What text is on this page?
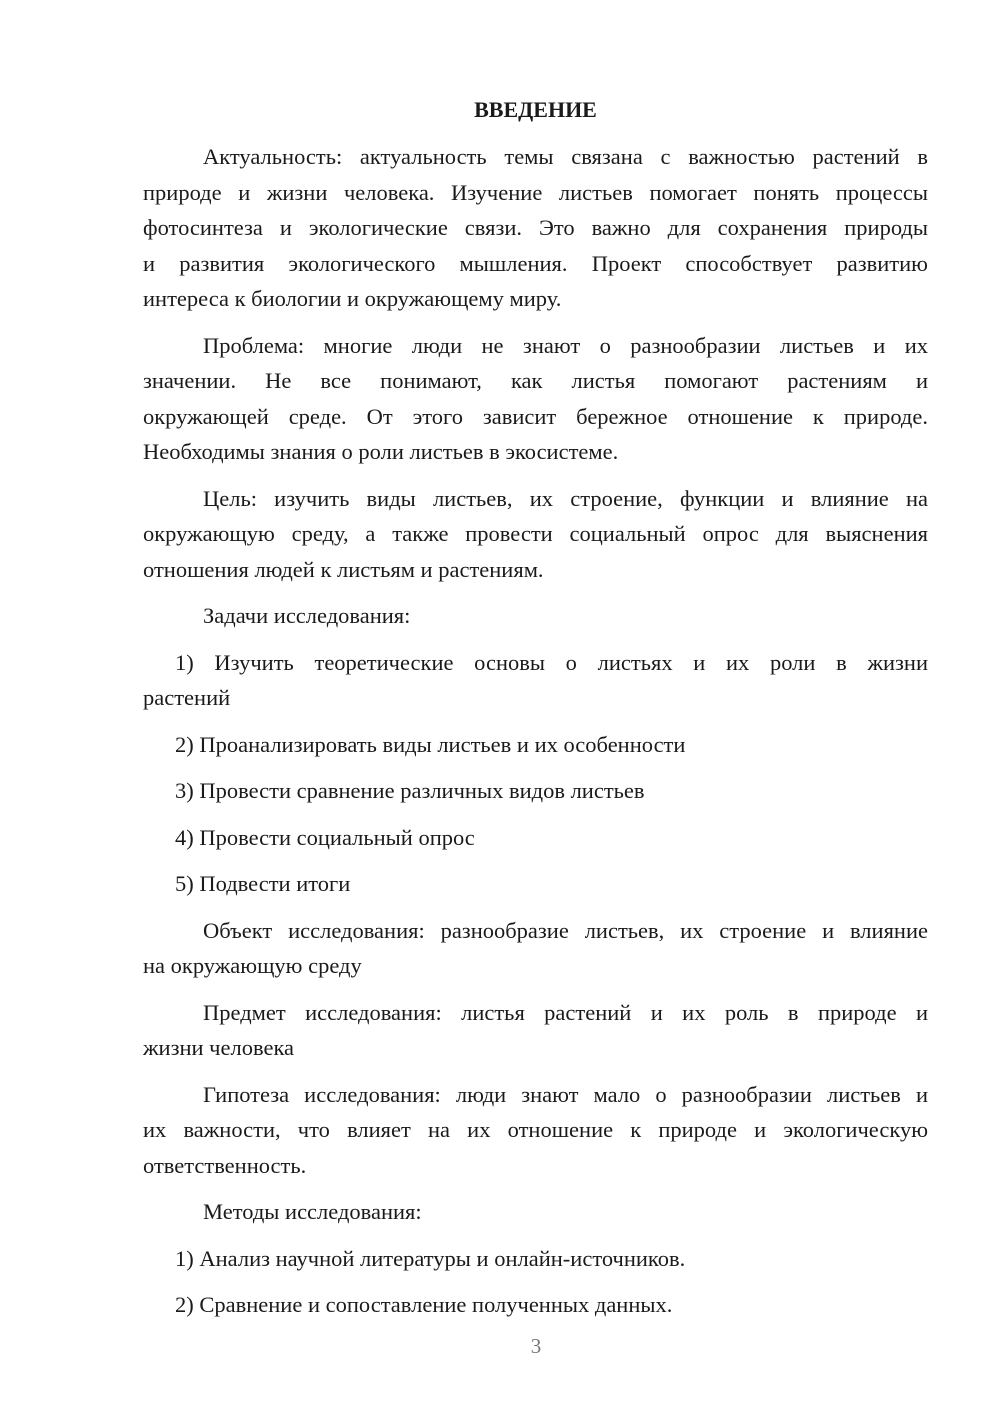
ВВЕДЕНИЕ
Актуальность: актуальность темы связана с важностью растений в
природе и жизни человека. Изучение листьев помогает понять процессы
фотосинтеза и экологические связи. Это важно для сохранения природы
и развития экологического мышления. Проект способствует развитию
интереса к биологии и окружающему миру.
Проблема: многие люди не знают о разнообразии листьев и их
значении. Не все понимают, как листья помогают растениям и
окружающей среде. От этого зависит бережное отношение к природе.
Необходимы знания о роли листьев в экосистеме.
Цель: изучить виды листьев, их строение, функции и влияние на
окружающую среду, а также провести социальный опрос для выяснения
отношения людей к листьям и растениям.
Задачи исследования:
1) Изучить теоретические основы о листьях и их роли в жизни
растений
2) Проанализировать виды листьев и их особенности
3) Провести сравнение различных видов листьев
4) Провести социальный опрос
5) Подвести итоги
Объект исследования: разнообразие листьев, их строение и влияние
на окружающую среду
Предмет исследования: листья растений и их роль в природе и
жизни человека
Гипотеза исследования: люди знают мало о разнообразии листьев и
их важности, что влияет на их отношение к природе и экологическую
ответственность.
Методы исследования:
1) Анализ научной литературы и онлайн-источников.
2) Сравнение и сопоставление полученных данных.
3
